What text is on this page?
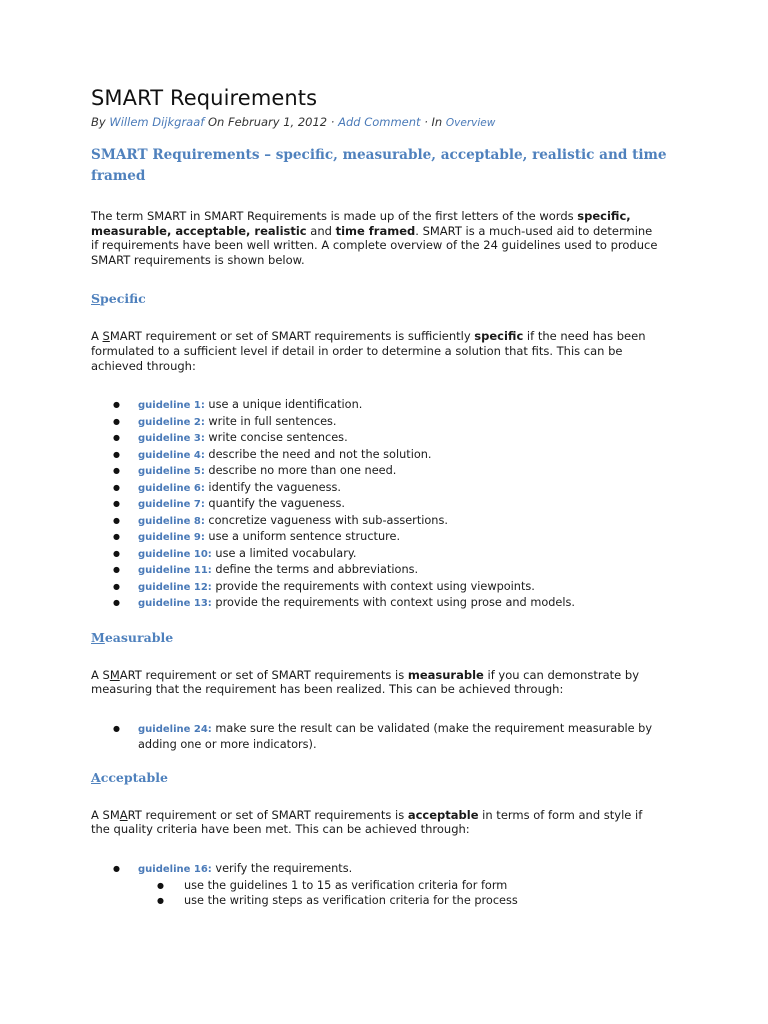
SMART Requirements
By Willem Dijkgraaf On February 1, 2012 · Add Comment · In Overview
SMART Requirements – specific, measurable, acceptable, realistic and time framed

The term SMART in SMART Requirements is made up of the first letters of the words specific, measurable, acceptable, realistic and time framed. SMART is a much-used aid to determine if requirements have been well written. A complete overview of the 24 guidelines used to produce SMART requirements is shown below.

Specific

A SMART requirement or set of SMART requirements is sufficiently specific if the need has been formulated to a sufficient level if detail in order to determine a solution that fits. This can be achieved through:

● guideline 1: use a unique identification.
● guideline 2: write in full sentences.
● guideline 3: write concise sentences.
● guideline 4: describe the need and not the solution.
● guideline 5: describe no more than one need.
● guideline 6: identify the vagueness.
● guideline 7: quantify the vagueness.
● guideline 8: concretize vagueness with sub-assertions.
● guideline 9: use a uniform sentence structure.
● guideline 10: use a limited vocabulary.
● guideline 11: define the terms and abbreviations.
● guideline 12: provide the requirements with context using viewpoints.
● guideline 13: provide the requirements with context using prose and models.
Measurable

A SMART requirement or set of SMART requirements is measurable if you can demonstrate by measuring that the requirement has been realized. This can be achieved through:

● guideline 24: make sure the result can be validated (make the requirement measurable by adding one or more indicators).
Acceptable

A SMART requirement or set of SMART requirements is acceptable in terms of form and style if the quality criteria have been met. This can be achieved through:

● guideline 16: verify the requirements.
● use the guidelines 1 to 15 as verification criteria for form
● use the writing steps as verification criteria for the process
